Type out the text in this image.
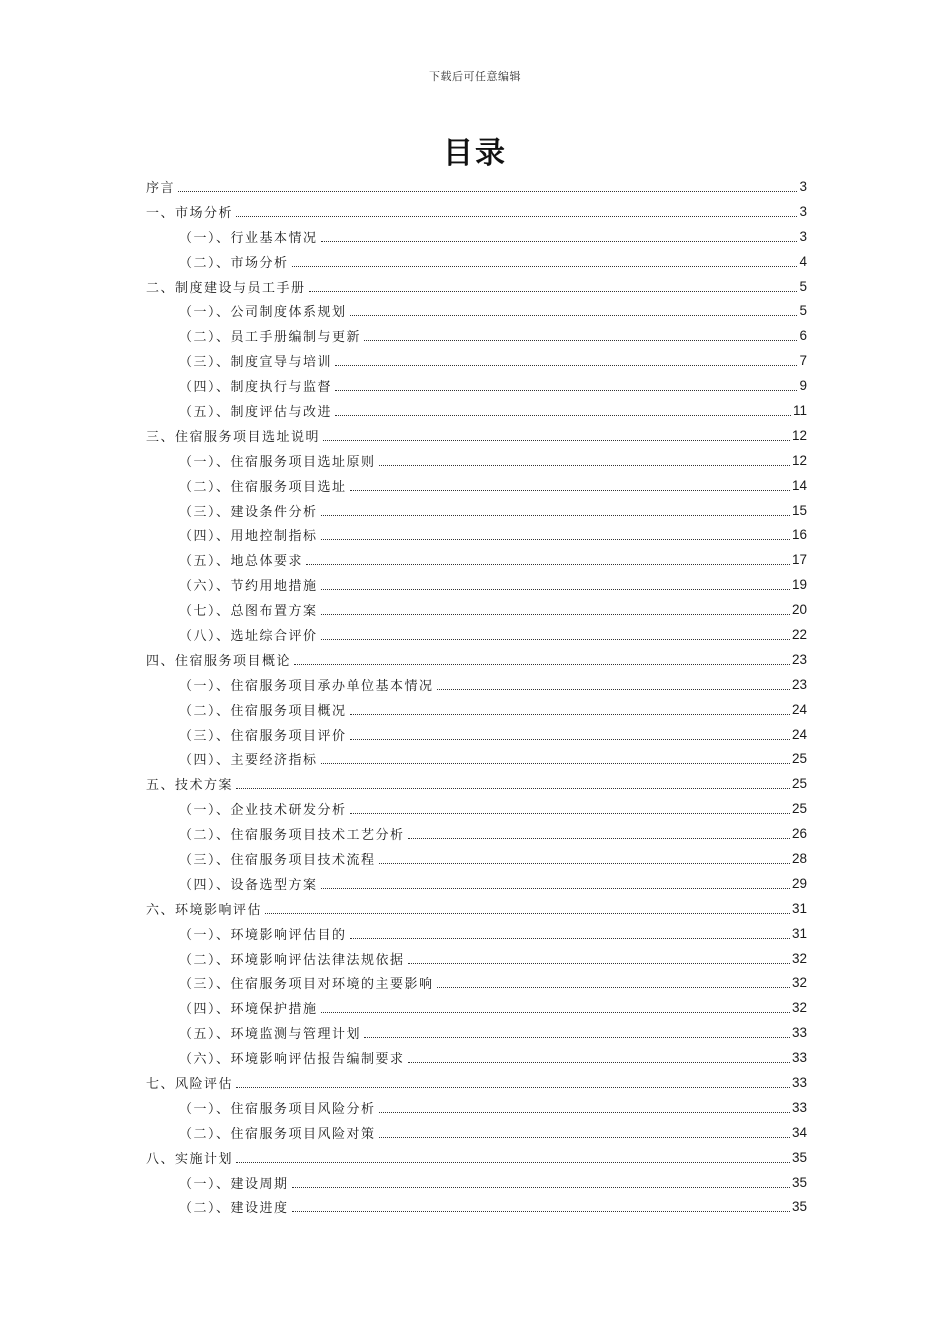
下载后可任意编辑
目录
序言	3
一、市场分析	3
（一）、行业基本情况	3
（二）、市场分析	4
二、制度建设与员工手册	5
（一）、公司制度体系规划	5
（二）、员工手册编制与更新	6
（三）、制度宣导与培训	7
（四）、制度执行与监督	9
（五）、制度评估与改进	11
三、住宿服务项目选址说明	12
（一）、住宿服务项目选址原则	12
（二）、住宿服务项目选址	14
（三）、建设条件分析	15
（四）、用地控制指标	16
（五）、地总体要求	17
（六）、节约用地措施	19
（七）、总图布置方案	20
（八）、选址综合评价	22
四、住宿服务项目概论	23
（一）、住宿服务项目承办单位基本情况	23
（二）、住宿服务项目概况	24
（三）、住宿服务项目评价	24
（四）、主要经济指标	25
五、技术方案	25
（一）、企业技术研发分析	25
（二）、住宿服务项目技术工艺分析	26
（三）、住宿服务项目技术流程	28
（四）、设备选型方案	29
六、环境影响评估	31
（一）、环境影响评估目的	31
（二）、环境影响评估法律法规依据	32
（三）、住宿服务项目对环境的主要影响	32
（四）、环境保护措施	32
（五）、环境监测与管理计划	33
（六）、环境影响评估报告编制要求	33
七、风险评估	33
（一）、住宿服务项目风险分析	33
（二）、住宿服务项目风险对策	34
八、实施计划	35
（一）、建设周期	35
（二）、建设进度	35
